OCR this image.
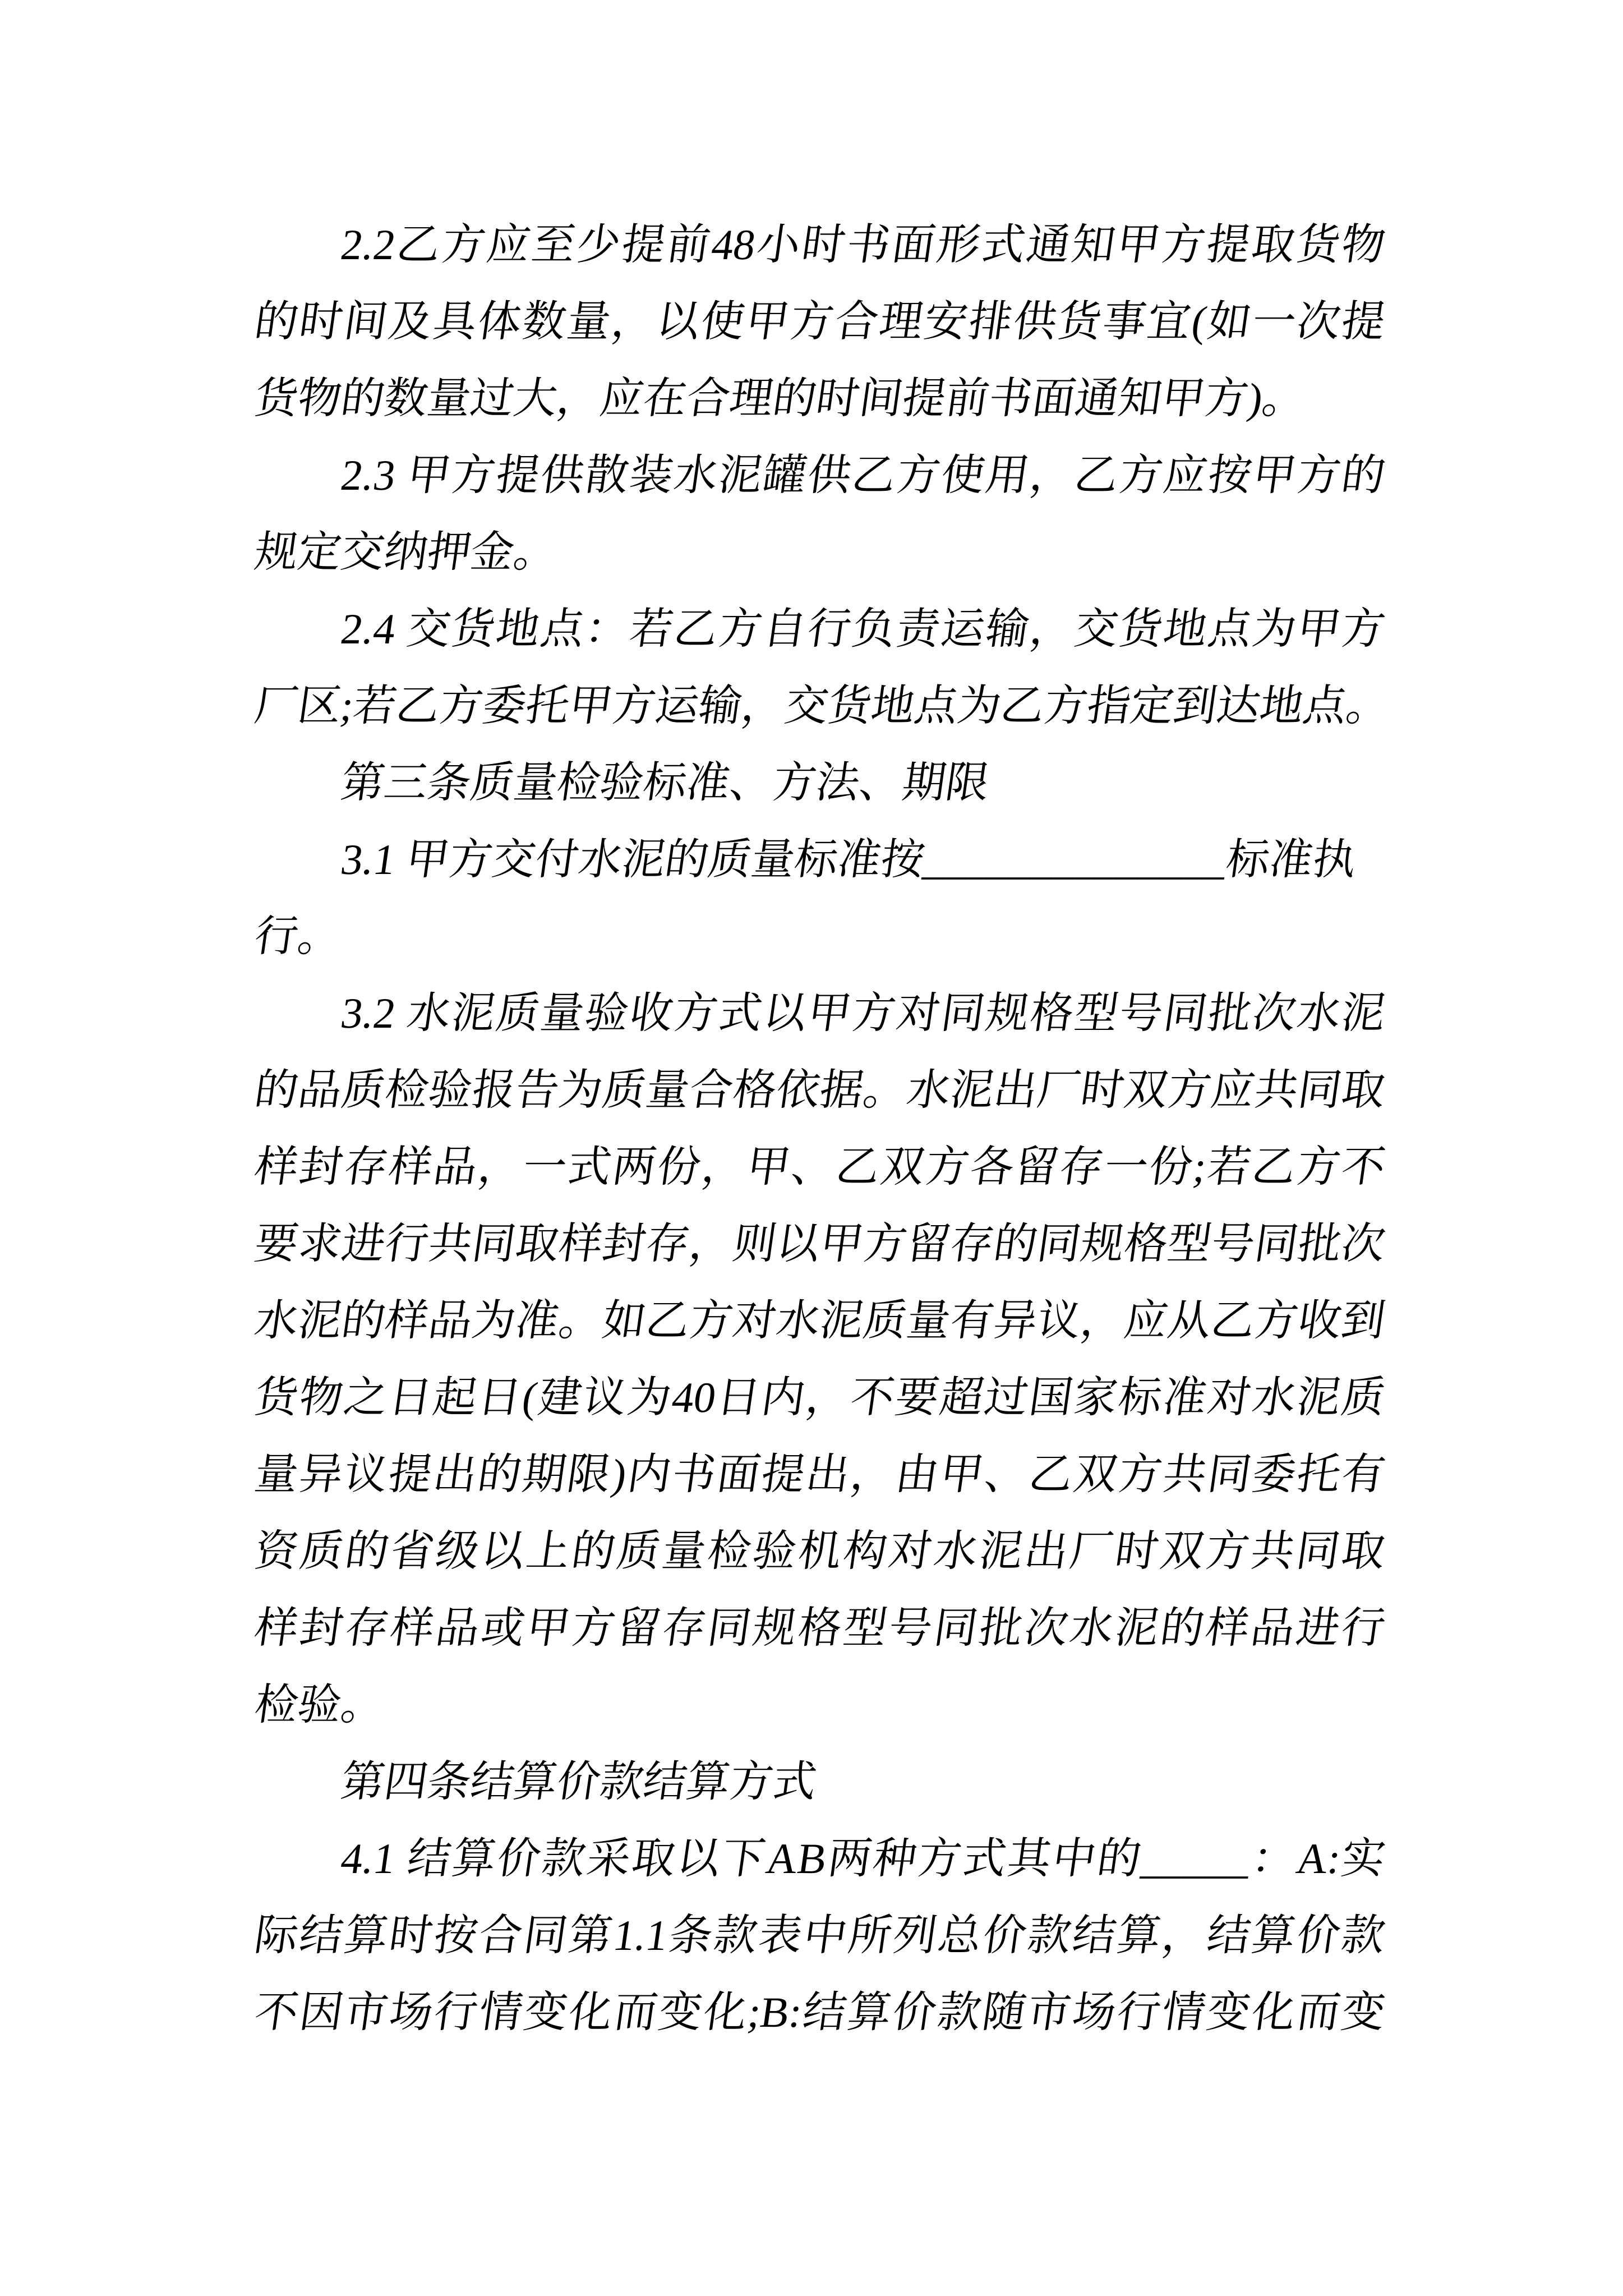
2.2乙方应至少提前48小时书面形式通知甲方提取货物
的时间及具体数量，以使甲方合理安排供货事宜(如一次提
货物的数量过大，应在合理的时间提前书面通知甲方)。
2.3 甲方提供散装水泥罐供乙方使用，乙方应按甲方的
规定交纳押金。
2.4 交货地点：若乙方自行负责运输，交货地点为甲方
厂区;若乙方委托甲方运输，交货地点为乙方指定到达地点。
第三条质量检验标准、方法、期限
3.1 甲方交付水泥的质量标准按______________标准执
行。
3.2 水泥质量验收方式以甲方对同规格型号同批次水泥
的品质检验报告为质量合格依据。水泥出厂时双方应共同取
样封存样品，一式两份，甲、乙双方各留存一份;若乙方不
要求进行共同取样封存，则以甲方留存的同规格型号同批次
水泥的样品为准。如乙方对水泥质量有异议，应从乙方收到
货物之日起日(建议为40日内，不要超过国家标准对水泥质
量异议提出的期限)内书面提出，由甲、乙双方共同委托有
资质的省级以上的质量检验机构对水泥出厂时双方共同取
样封存样品或甲方留存同规格型号同批次水泥的样品进行
检验。
第四条结算价款结算方式
4.1 结算价款采取以下AB两种方式其中的_____：A:实
际结算时按合同第1.1条款表中所列总价款结算，结算价款
不因市场行情变化而变化;B:结算价款随市场行情变化而变
